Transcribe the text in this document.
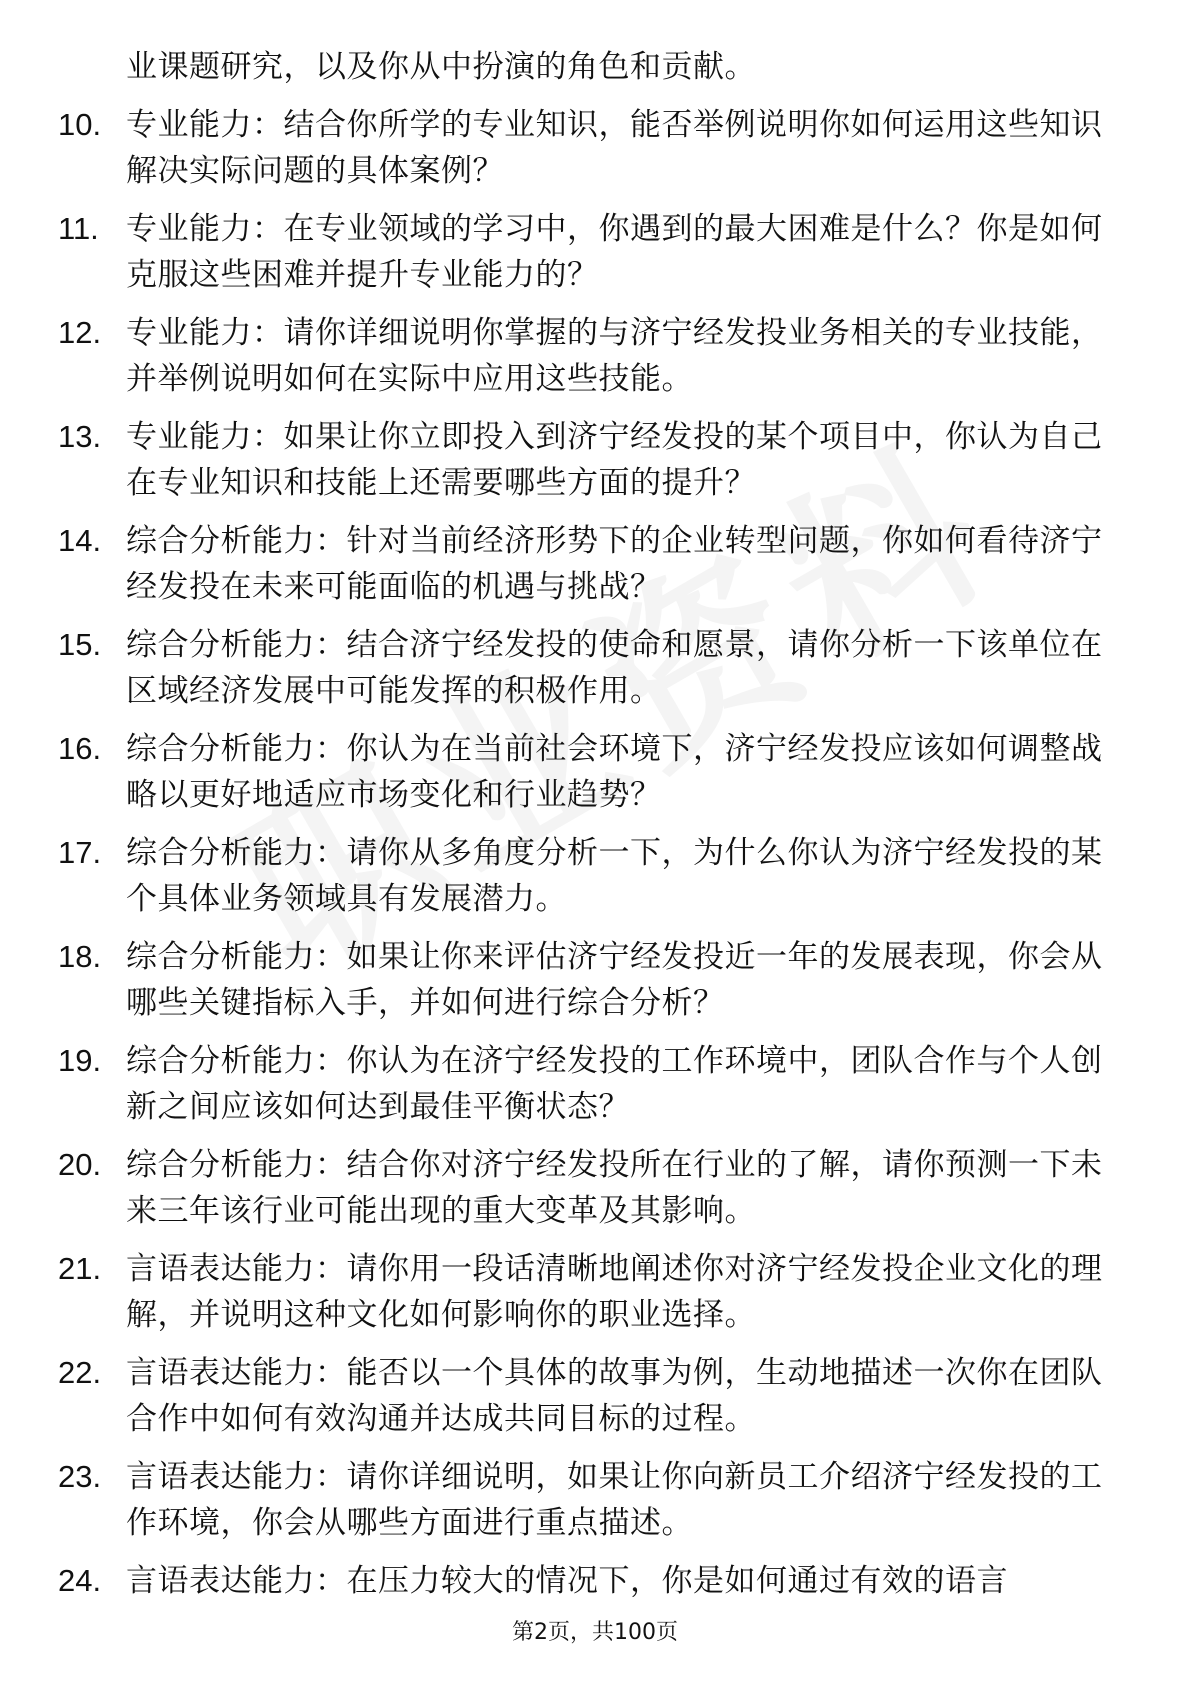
业课题研究，以及你从中扮演的角色和贡献。

10. 专业能力：结合你所学的专业知识，能否举例说明你如何运用这些知识解决实际问题的具体案例？
11. 专业能力：在专业领域的学习中，你遇到的最大困难是什么？你是如何克服这些困难并提升专业能力的？
12. 专业能力：请你详细说明你掌握的与济宁经发投业务相关的专业技能，并举例说明如何在实际中应用这些技能。
13. 专业能力：如果让你立即投入到济宁经发投的某个项目中，你认为自己在专业知识和技能上还需要哪些方面的提升？
14. 综合分析能力：针对当前经济形势下的企业转型问题，你如何看待济宁经发投在未来可能面临的机遇与挑战？
15. 综合分析能力：结合济宁经发投的使命和愿景，请你分析一下该单位在区域经济发展中可能发挥的积极作用。
16. 综合分析能力：你认为在当前社会环境下，济宁经发投应该如何调整战略以更好地适应市场变化和行业趋势？
17. 综合分析能力：请你从多角度分析一下，为什么你认为济宁经发投的某个具体业务领域具有发展潜力。
18. 综合分析能力：如果让你来评估济宁经发投近一年的发展表现，你会从哪些关键指标入手，并如何进行综合分析？
19. 综合分析能力：你认为在济宁经发投的工作环境中，团队合作与个人创新之间应该如何达到最佳平衡状态？
20. 综合分析能力：结合你对济宁经发投所在行业的了解，请你预测一下未来三年该行业可能出现的重大变革及其影响。
21. 言语表达能力：请你用一段话清晰地阐述你对济宁经发投企业文化的理解，并说明这种文化如何影响你的职业选择。
22. 言语表达能力：能否以一个具体的故事为例，生动地描述一次你在团队合作中如何有效沟通并达成共同目标的过程。
23. 言语表达能力：请你详细说明，如果让你向新员工介绍济宁经发投的工作环境，你会从哪些方面进行重点描述。
24. 言语表达能力：在压力较大的情况下，你是如何通过有效的语言
第2页，共100页
